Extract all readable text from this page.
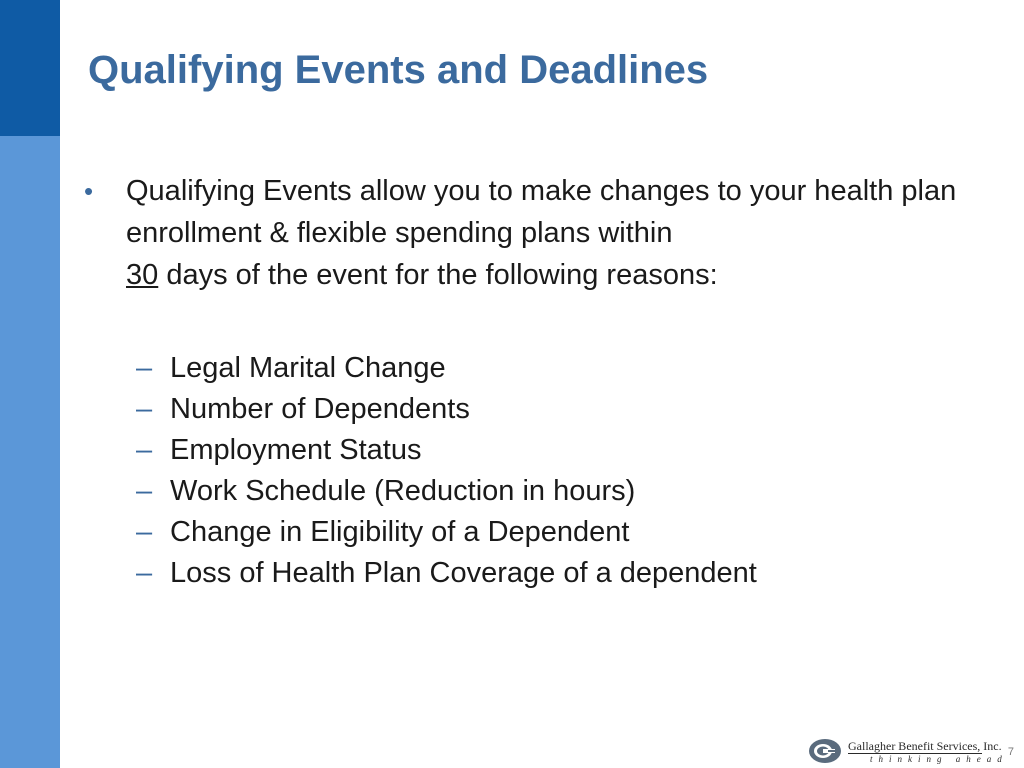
Qualifying Events and Deadlines
• Qualifying Events allow you to make changes to your health plan enrollment & flexible spending plans within
30 days of the event for the following reasons:
– Legal Marital Change
– Number of Dependents
– Employment Status
– Work Schedule (Reduction in hours)
– Change in Eligibility of a Dependent
– Loss of Health Plan Coverage of a dependent
Gallagher Benefit Services, Inc.
thinking ahead
7
